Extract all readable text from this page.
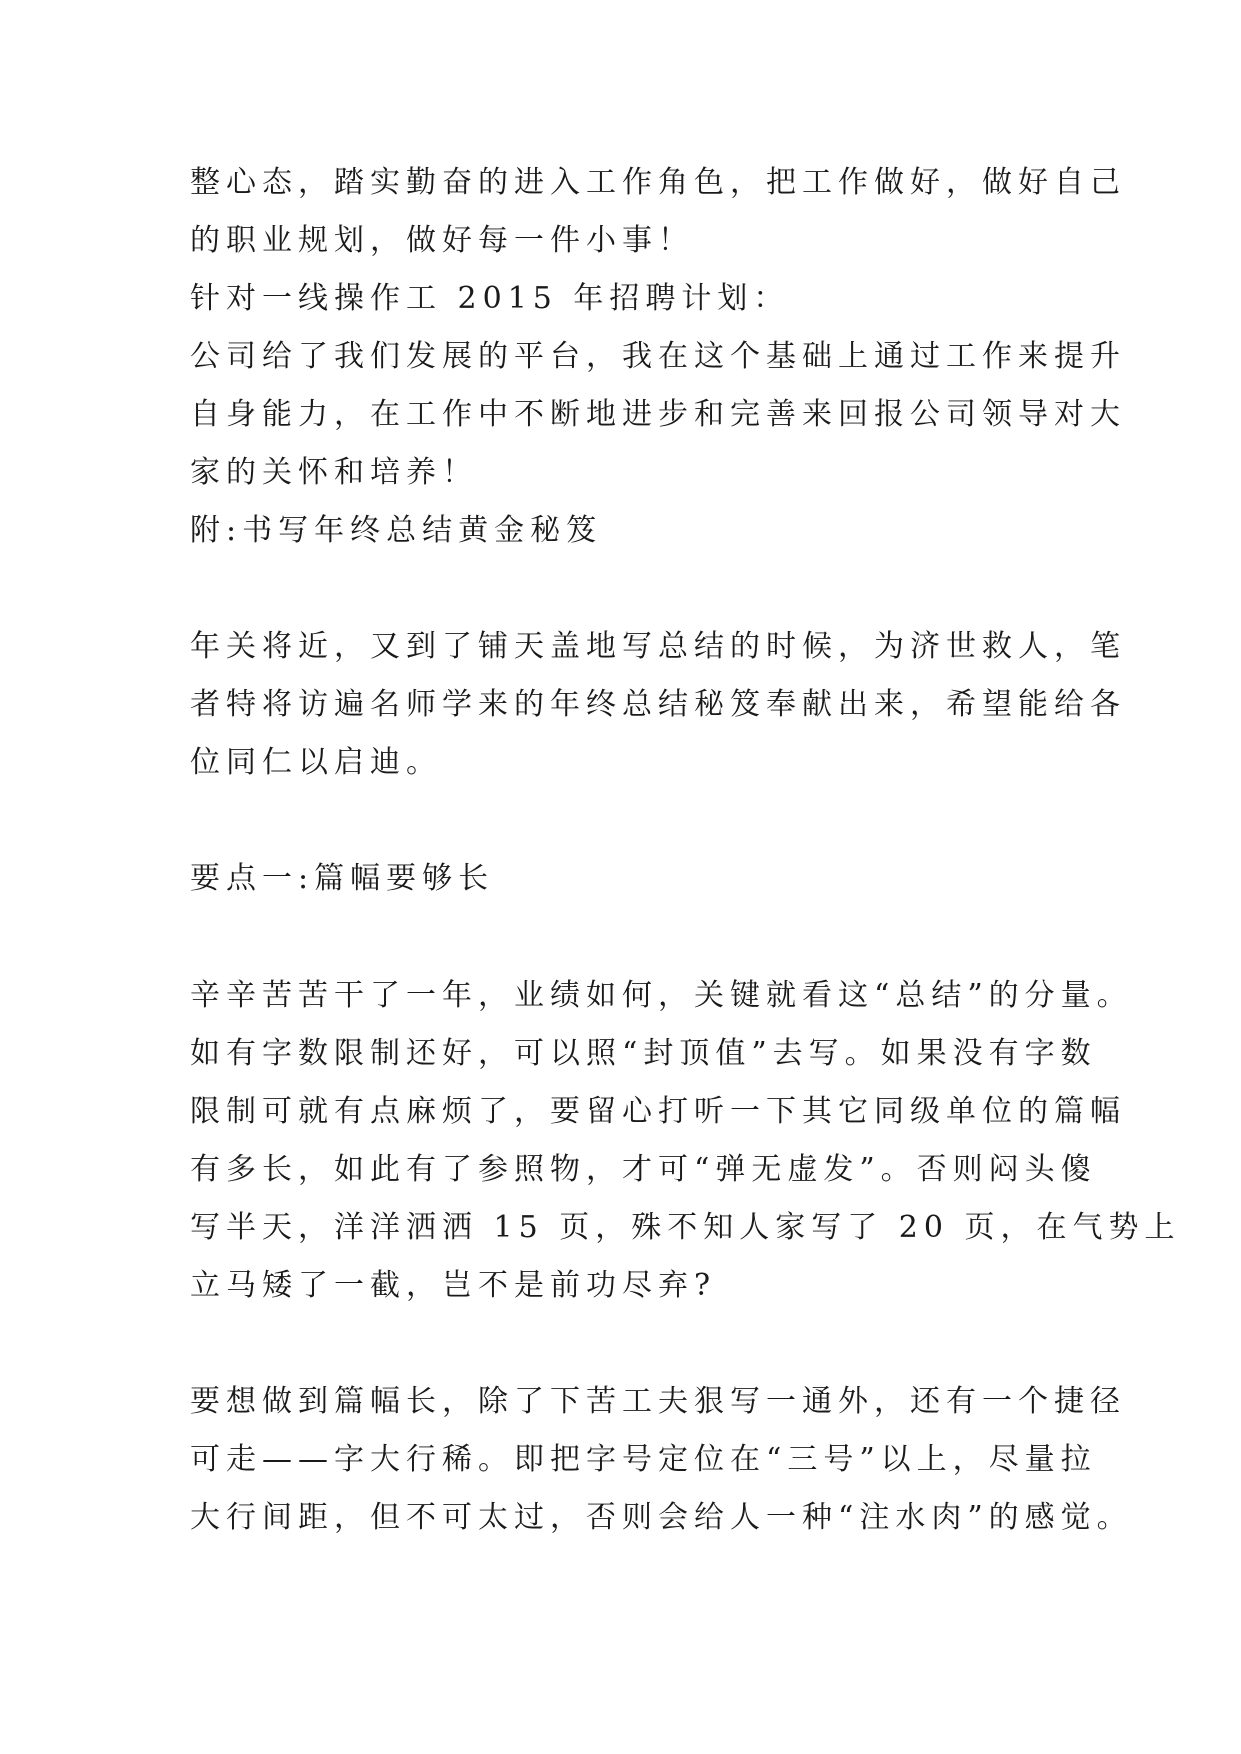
整心态，踏实勤奋的进入工作角色，把工作做好，做好自己
的职业规划，做好每一件小事！
针对一线操作工 2015 年招聘计划：
公司给了我们发展的平台，我在这个基础上通过工作来提升
自身能力，在工作中不断地进步和完善来回报公司领导对大
家的关怀和培养！
附:书写年终总结黄金秘笈
年关将近，又到了铺天盖地写总结的时候，为济世救人，笔
者特将访遍名师学来的年终总结秘笈奉献出来，希望能给各
位同仁以启迪。
要点一:篇幅要够长
辛辛苦苦干了一年，业绩如何，关键就看这“总结”的分量。
如有字数限制还好，可以照“封顶值”去写。如果没有字数
限制可就有点麻烦了，要留心打听一下其它同级单位的篇幅
有多长，如此有了参照物，才可“弹无虚发”。否则闷头傻
写半天，洋洋洒洒 15 页，殊不知人家写了 20 页，在气势上
立马矮了一截，岂不是前功尽弃?
要想做到篇幅长，除了下苦工夫狠写一通外，还有一个捷径
可走——字大行稀。即把字号定位在“三号”以上，尽量拉
大行间距，但不可太过，否则会给人一种“注水肉”的感觉。
